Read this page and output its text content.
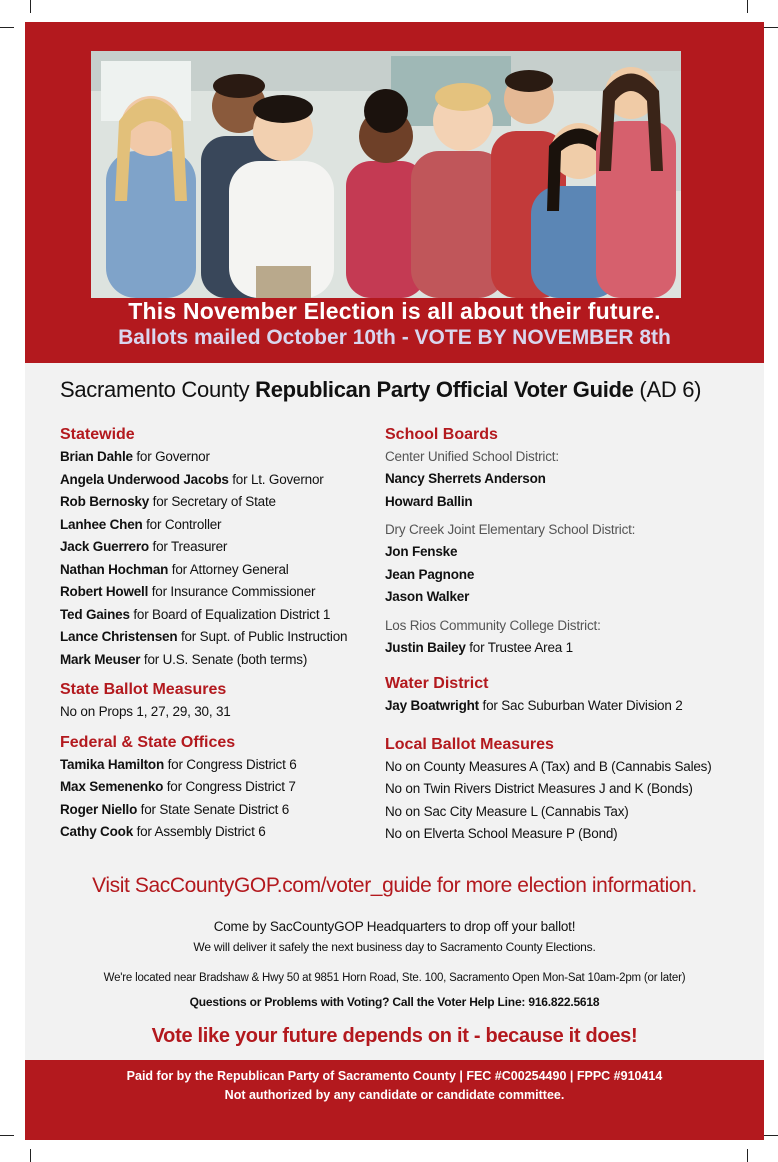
This November Election is all about their future.
Ballots mailed October 10th - VOTE BY NOVEMBER 8th
Sacramento County Republican Party Official Voter Guide (AD 6)
Statewide
Brian Dahle for Governor
Angela Underwood Jacobs for Lt. Governor
Rob Bernosky for Secretary of State
Lanhee Chen for Controller
Jack Guerrero for Treasurer
Nathan Hochman for Attorney General
Robert Howell for Insurance Commissioner
Ted Gaines for Board of Equalization District 1
Lance Christensen for Supt. of Public Instruction
Mark Meuser for U.S. Senate (both terms)
State Ballot Measures
No on Props 1, 27, 29, 30, 31
Federal & State Offices
Tamika Hamilton for Congress District 6
Max Semenenko for Congress District 7
Roger Niello for State Senate District 6
Cathy Cook for Assembly District 6
School Boards
Center Unified School District:
Nancy Sherrets Anderson
Howard Ballin
Dry Creek Joint Elementary School District:
Jon Fenske
Jean Pagnone
Jason Walker
Los Rios Community College District:
Justin Bailey for Trustee Area 1
Water District
Jay Boatwright for Sac Suburban Water Division 2
Local Ballot Measures
No on County Measures A (Tax) and B (Cannabis Sales)
No on Twin Rivers District Measures J and K (Bonds)
No on Sac City Measure L (Cannabis Tax)
No on Elverta School Measure P (Bond)
Visit SacCountyGOP.com/voter_guide for more election information.
Come by SacCountyGOP Headquarters to drop off your ballot!
We will deliver it safely the next business day to Sacramento County Elections.
We're located near Bradshaw & Hwy 50 at 9851 Horn Road, Ste. 100, Sacramento Open Mon-Sat 10am-2pm (or later)
Questions or Problems with Voting? Call the Voter Help Line: 916.822.5618
Vote like your future depends on it - because it does!
Paid for by the Republican Party of Sacramento County | FEC #C00254490 | FPPC #910414
Not authorized by any candidate or candidate committee.
